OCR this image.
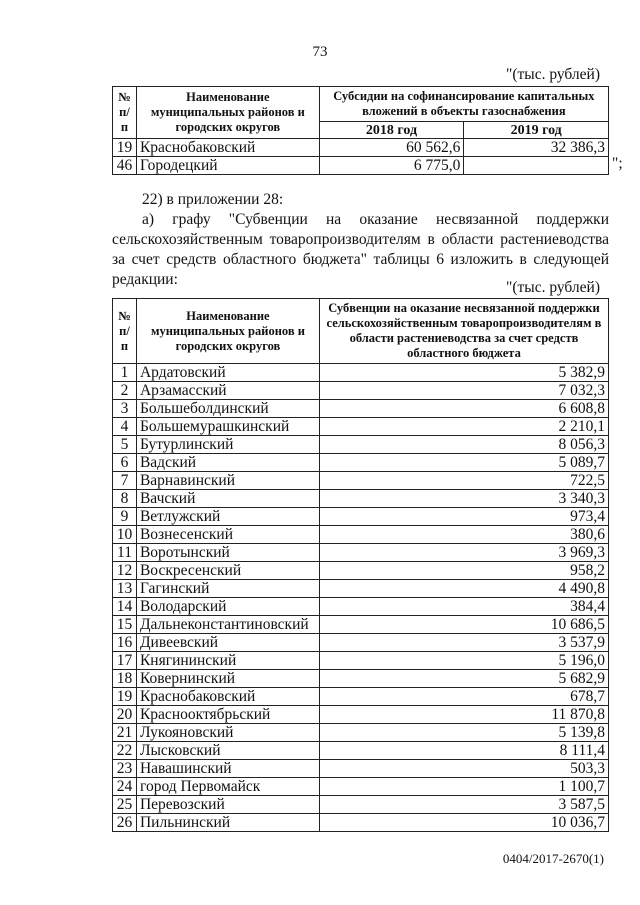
73
"(тыс. рублей)
№ п/п	Наименование муниципальных районов и городских округов	Субсидии на софинансирование капитальных вложений в объекты газоснабжения	
		2018 год	2019 год
19	Краснобаковский	60 562,6	32 386,3
46	Городецкий	6 775,0		";
22) в приложении 28:
а) графу "Субвенции на оказание несвязанной поддержки сельскохозяйственным товаропроизводителям в области растениеводства за счет средств областного бюджета" таблицы 6 изложить в следующей редакции:	"(тыс. рублей)
№ п/п	Наименование муниципальных районов и городских округов	Субвенции на оказание несвязанной поддержки сельскохозяйственным товаропроизводителям в области растениеводства за счет средств областного бюджета
1	Ардатовский	5 382,9
2	Арзамасский	7 032,3
3	Большеболдинский	6 608,8
4	Большемурашкинский	2 210,1
5	Бутурлинский	8 056,3
6	Вадский	5 089,7
7	Варнавинский	722,5
8	Вачский	3 340,3
9	Ветлужский	973,4
10	Вознесенский	380,6
11	Воротынский	3 969,3
12	Воскресенский	958,2
13	Гагинский	4 490,8
14	Володарский	384,4
15	Дальнеконстантиновский	10 686,5
16	Дивеевский	3 537,9
17	Княгининский	5 196,0
18	Ковернинский	5 682,9
19	Краснобаковский	678,7
20	Краснооктябрьский	11 870,8
21	Лукояновский	5 139,8
22	Лысковский	8 111,4
23	Навашинский	503,3
24	город Первомайск	1 100,7
25	Перевозский	3 587,5
26	Пильнинский	10 036,7
0404/2017-2670(1)
